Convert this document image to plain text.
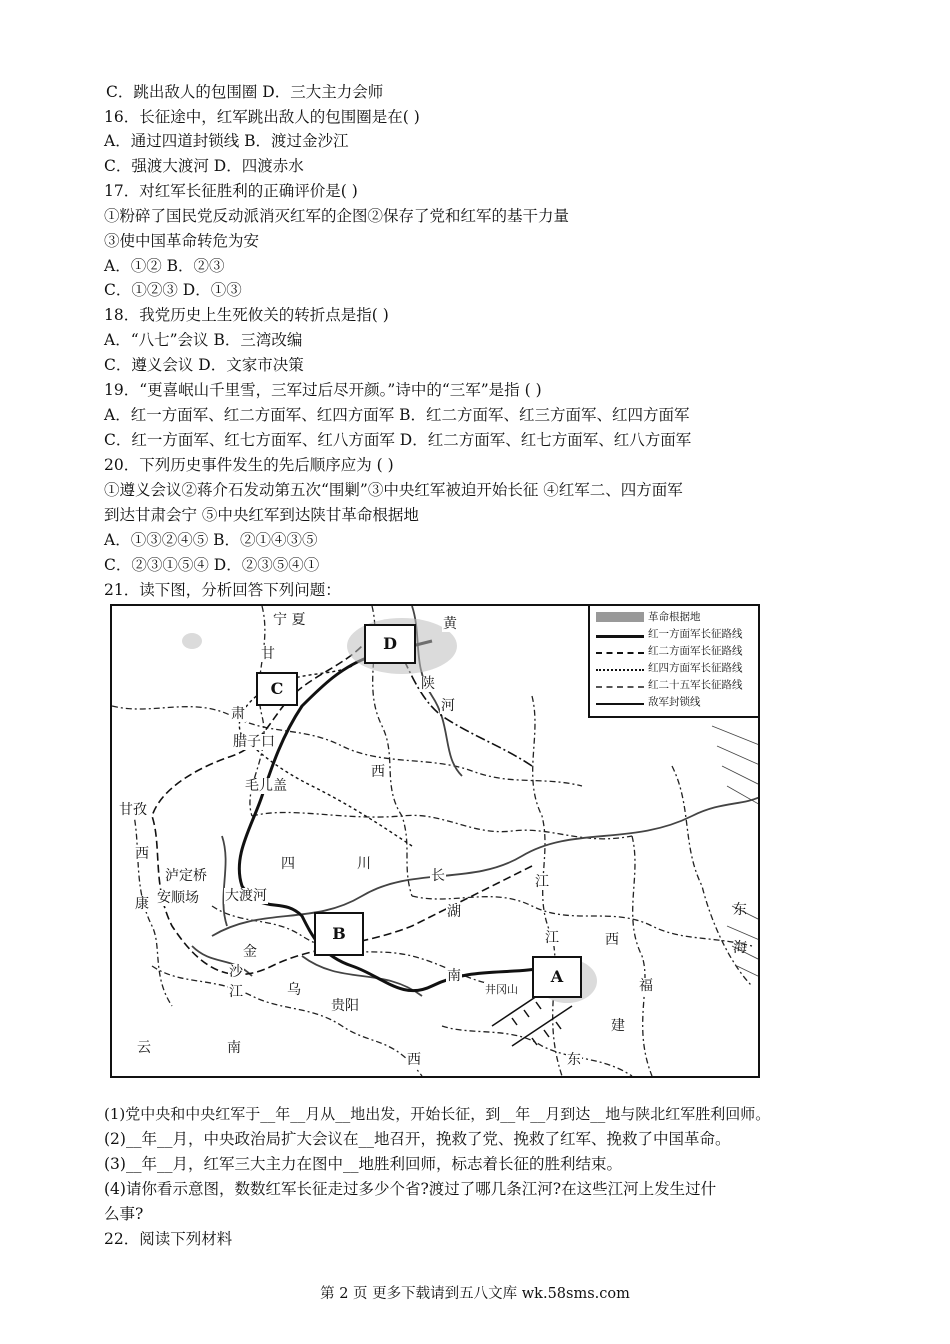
C．跳出敌人的包围圈 D．三大主力会师
16．长征途中，红军跳出敌人的包围圈是在( )
A．通过四道封锁线 B．渡过金沙江
C．强渡大渡河 D．四渡赤水
17．对红军长征胜利的正确评价是( )
①粉碎了国民党反动派消灭红军的企图②保存了党和红军的基干力量
③使中国革命转危为安
A．①② B．②③
C．①②③ D．①③
18．我党历史上生死攸关的转折点是指( )
A．“八七”会议 B．三湾改编
C．遵义会议 D．文家市决策
19．“更喜岷山千里雪，三军过后尽开颜。”诗中的“三军”是指 ( )
A．红一方面军、红二方面军、红四方面军 B．红二方面军、红三方面军、红四方面军
C．红一方面军、红七方面军、红八方面军 D．红二方面军、红七方面军、红八方面军
20．下列历史事件发生的先后顺序应为 ( )
①遵义会议②蒋介石发动第五次“围剿”③中央红军被迫开始长征 ④红军二、四方面军
到达甘肃会宁 ⑤中央红军到达陕甘革命根据地
A．①③②④⑤ B．②①④③⑤
C．②③①⑤④ D．②③⑤④①
21．读下图，分析回答下列问题：
革命根据地
红一方面军长征路线
红二方面军长征路线
红四方面军长征路线
红二十五军长征路线
敌军封锁线
宁 夏
甘
肃
陕
西
黄
河
腊子口
毛儿盖
甘孜
西
康
泸定桥
安顺场 大渡河
四	川
长	江
金
沙
江	乌
贵阳
湖
南
江	西
井冈山	福
建
云	南
西	东
东
海
A
B
C
D
(1)党中央和中央红军于__年__月从__地出发，开始长征，到__年__月到达__地与陕北红军胜利回师。
(2)__年__月，中央政治局扩大会议在__地召开，挽救了党、挽救了红军、挽救了中国革命。
(3)__年__月，红军三大主力在图中__地胜利回师，标志着长征的胜利结束。
(4)请你看示意图，数数红军长征走过多少个省?渡过了哪几条江河?在这些江河上发生过什
么事?
22．阅读下列材料
第 2 页 更多下载请到五八文库 wk.58sms.com
